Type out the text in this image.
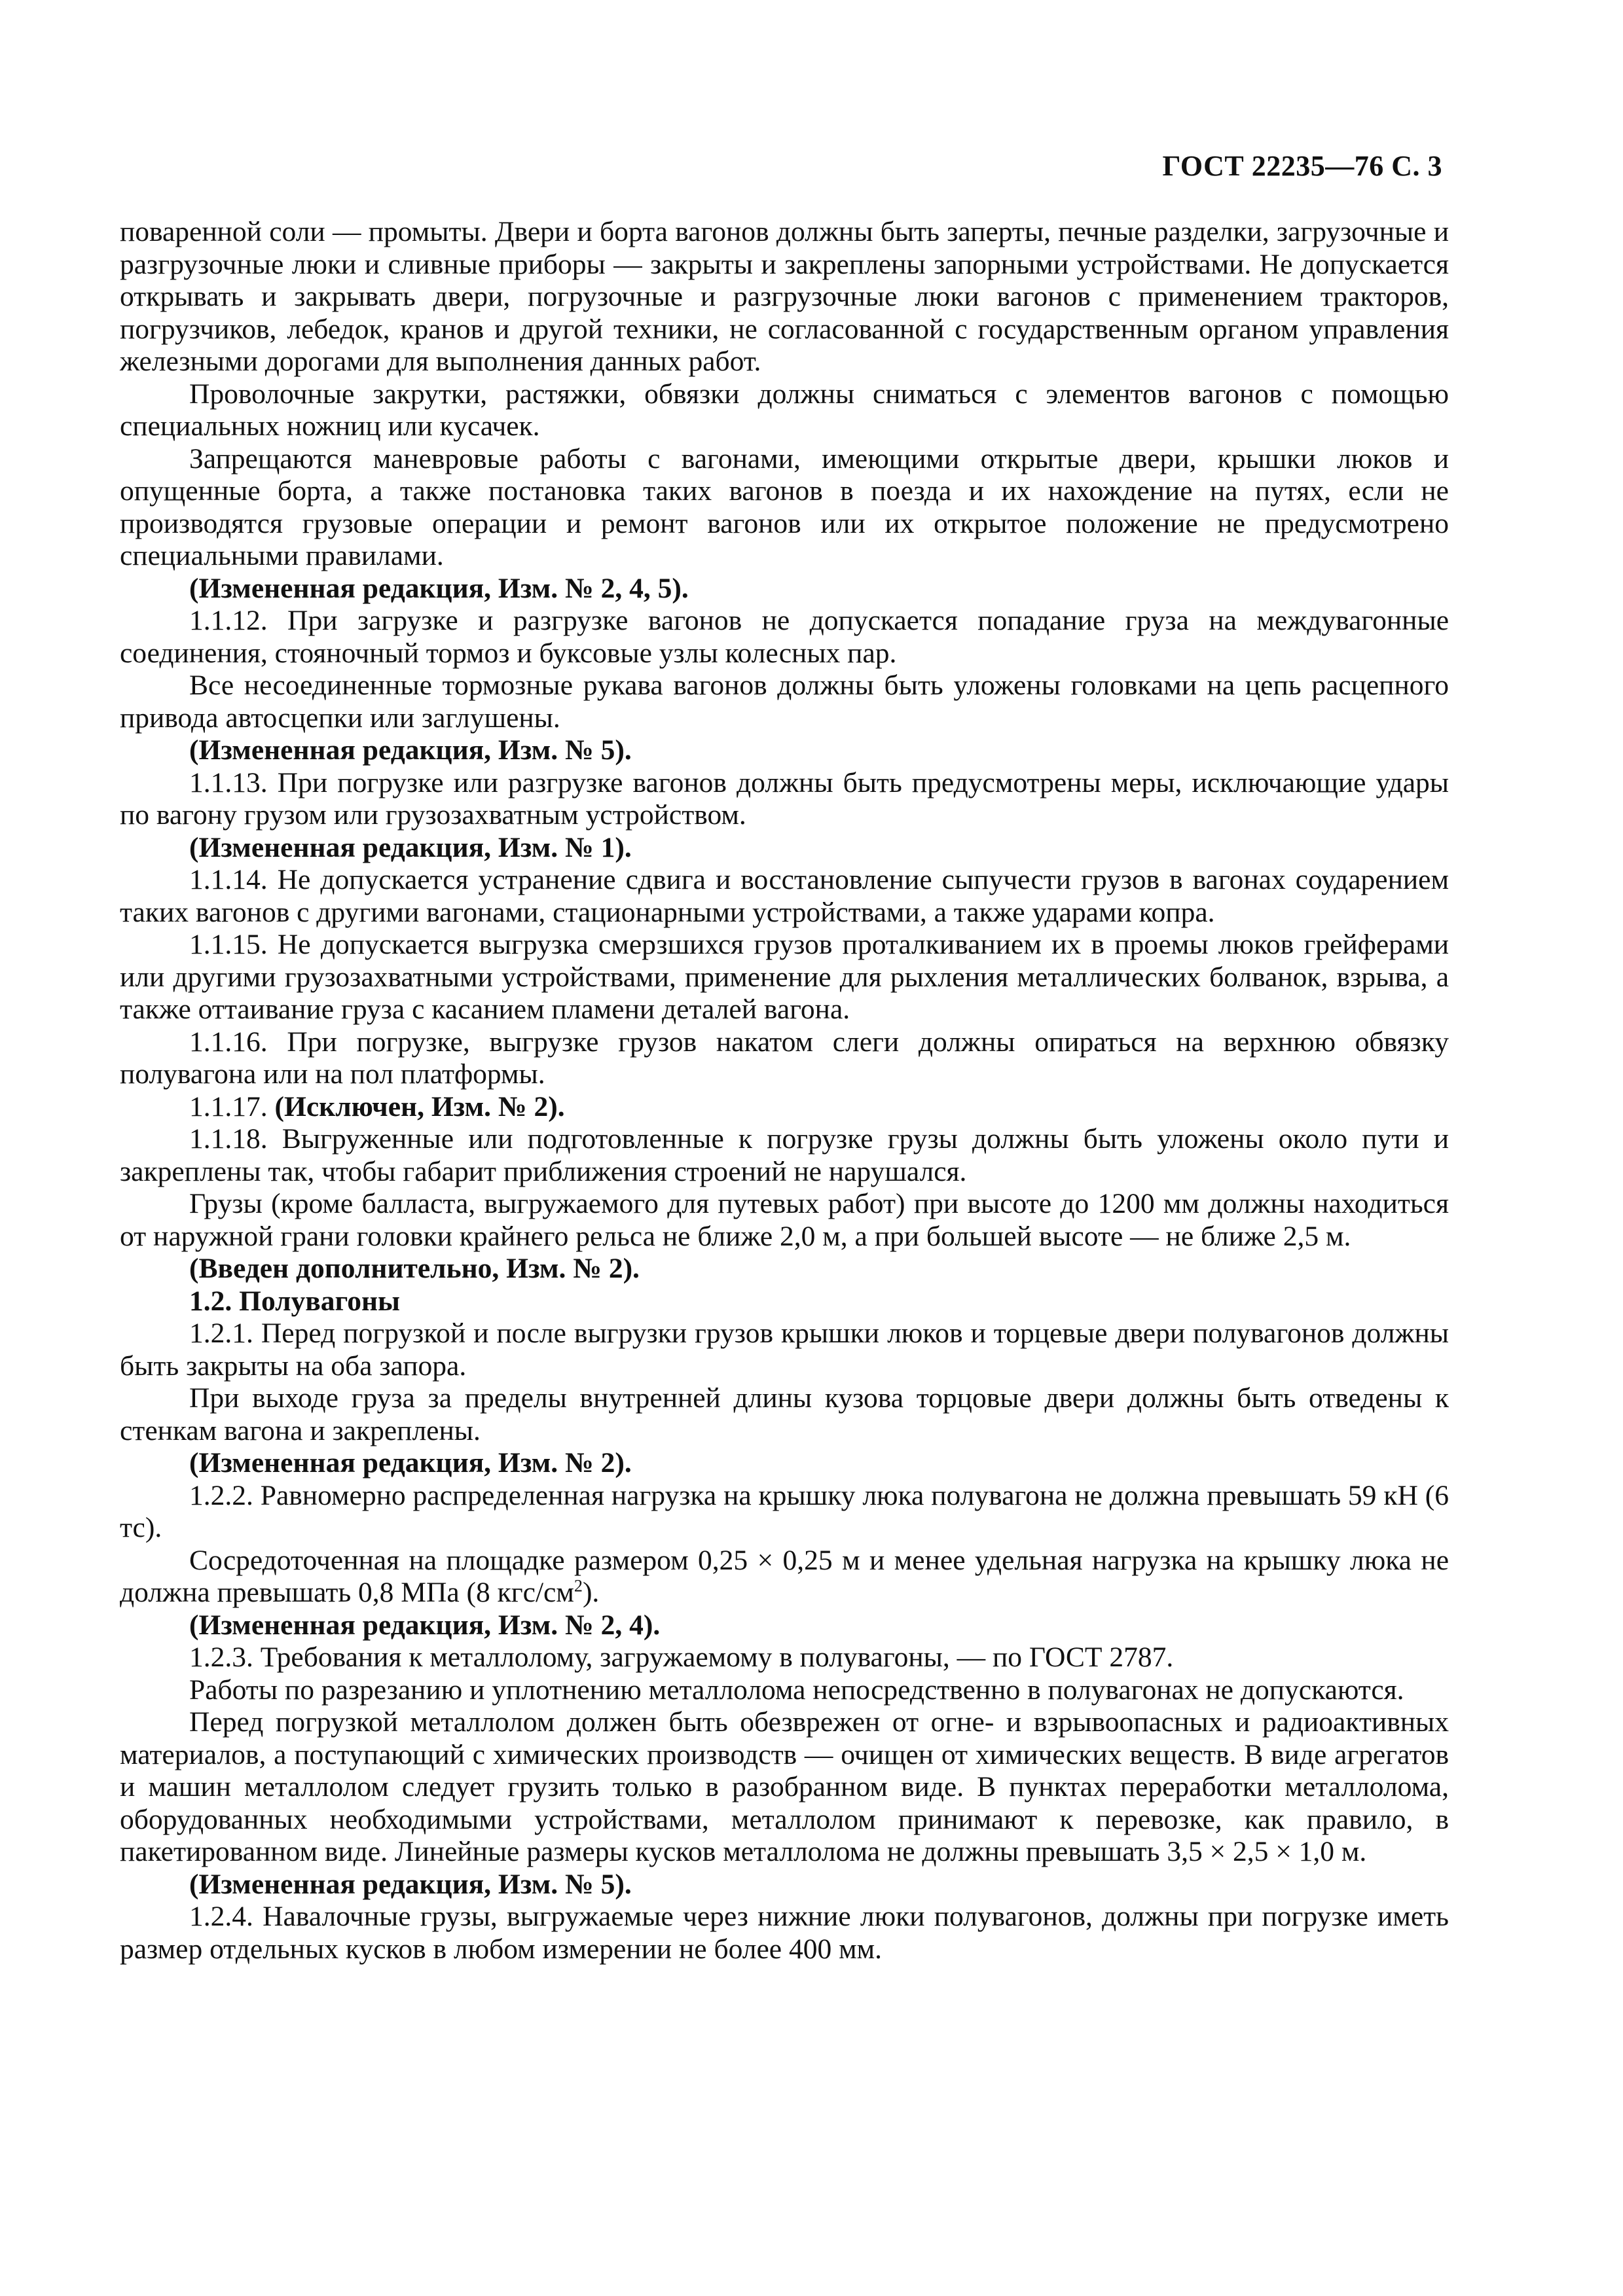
ГОСТ 22235—76 С. 3

поваренной соли — промыты. Двери и борта вагонов должны быть заперты, печные разделки, загрузочные и разгрузочные люки и сливные приборы — закрыты и закреплены запорными устройствами. Не допускается открывать и закрывать двери, погрузочные и разгрузочные люки вагонов с применением тракторов, погрузчиков, лебедок, кранов и другой техники, не согласованной с государственным органом управления железными дорогами для выполнения данных работ.

Проволочные закрутки, растяжки, обвязки должны сниматься с элементов вагонов с помощью специальных ножниц или кусачек.

Запрещаются маневровые работы с вагонами, имеющими открытые двери, крышки люков и опущенные борта, а также постановка таких вагонов в поезда и их нахождение на путях, если не производятся грузовые операции и ремонт вагонов или их открытое положение не предусмотрено специальными правилами.

(Измененная редакция, Изм. № 2, 4, 5).

1.1.12. При загрузке и разгрузке вагонов не допускается попадание груза на междувагонные соединения, стояночный тормоз и буксовые узлы колесных пар.

Все несоединенные тормозные рукава вагонов должны быть уложены головками на цепь расцепного привода автосцепки или заглушены.

(Измененная редакция, Изм. № 5).

1.1.13. При погрузке или разгрузке вагонов должны быть предусмотрены меры, исключающие удары по вагону грузом или грузозахватным устройством.

(Измененная редакция, Изм. № 1).

1.1.14. Не допускается устранение сдвига и восстановление сыпучести грузов в вагонах соударением таких вагонов с другими вагонами, стационарными устройствами, а также ударами копра.

1.1.15. Не допускается выгрузка смерзшихся грузов проталкиванием их в проемы люков грейферами или другими грузозахватными устройствами, применение для рыхления металлических болванок, взрыва, а также оттаивание груза с касанием пламени деталей вагона.

1.1.16. При погрузке, выгрузке грузов накатом слеги должны опираться на верхнюю обвязку полувагона или на пол платформы.

1.1.17. (Исключен, Изм. № 2).

1.1.18. Выгруженные или подготовленные к погрузке грузы должны быть уложены около пути и закреплены так, чтобы габарит приближения строений не нарушался.

Грузы (кроме балласта, выгружаемого для путевых работ) при высоте до 1200 мм должны находиться от наружной грани головки крайнего рельса не ближе 2,0 м, а при большей высоте — не ближе 2,5 м.

(Введен дополнительно, Изм. № 2).

1.2. Полувагоны

1.2.1. Перед погрузкой и после выгрузки грузов крышки люков и торцевые двери полувагонов должны быть закрыты на оба запора.

При выходе груза за пределы внутренней длины кузова торцовые двери должны быть отведены к стенкам вагона и закреплены.

(Измененная редакция, Изм. № 2).

1.2.2. Равномерно распределенная нагрузка на крышку люка полувагона не должна превышать 59 кН (6 тс).

Сосредоточенная на площадке размером 0,25 × 0,25 м и менее удельная нагрузка на крышку люка не должна превышать 0,8 МПа (8 кгс/$см^2$).

(Измененная редакция, Изм. № 2, 4).

1.2.3. Требования к металлолому, загружаемому в полувагоны, — по ГОСТ 2787.

Работы по разрезанию и уплотнению металлолома непосредственно в полувагонах не допускаются.

Перед погрузкой металлолом должен быть обезврежен от огне- и взрывоопасных и радиоактивных материалов, а поступающий с химических производств — очищен от химических веществ. В виде агрегатов и машин металлолом следует грузить только в разобранном виде. В пунктах переработки металлолома, оборудованных необходимыми устройствами, металлолом принимают к перевозке, как правило, в пакетированном виде. Линейные размеры кусков металлолома не должны превышать 3,5 × 2,5 × 1,0 м.

(Измененная редакция, Изм. № 5).

1.2.4. Навалочные грузы, выгружаемые через нижние люки полувагонов, должны при погрузке иметь размер отдельных кусков в любом измерении не более 400 мм.
